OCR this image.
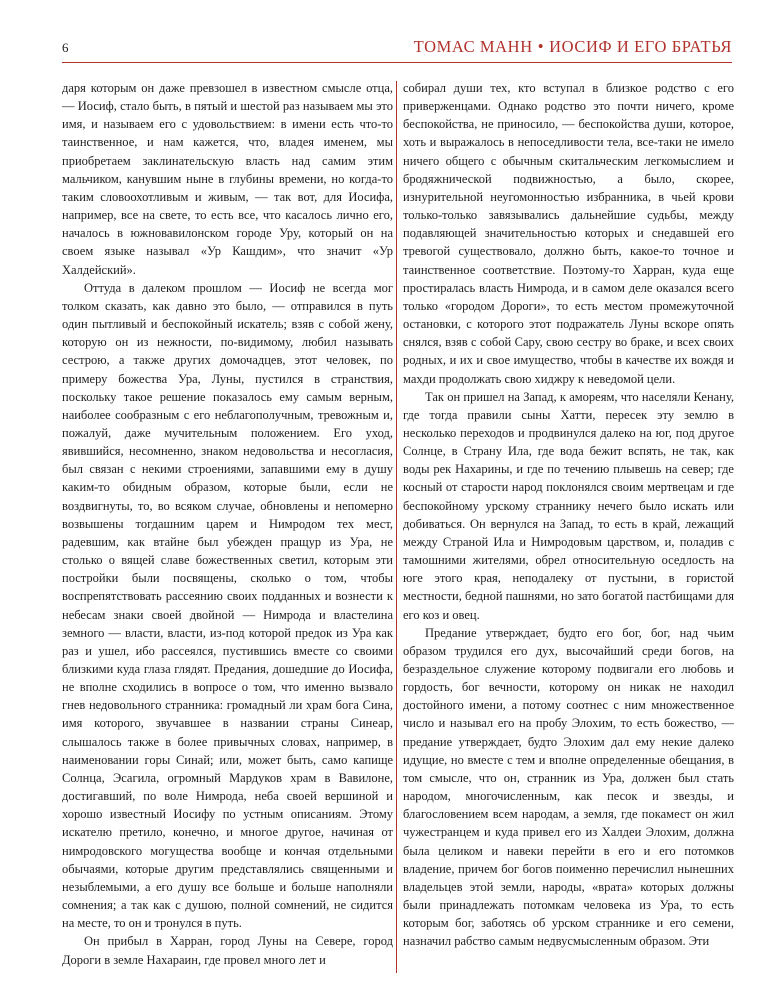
6	ТОМАС МАНН • ИОСИФ И ЕГО БРАТЬЯ

даря которым он даже превзошел в известном смысле отца, — Иосиф, стало быть, в пятый и шестой раз называем мы это имя, и называем его с удовольствием: в имени есть что-то таинственное, и нам кажется, что, владея именем, мы приобретаем заклинательскую власть над самим этим мальчиком, канувшим ныне в глубины времени, но когда-то таким словоохотливым и живым, — так вот, для Иосифа, например, все на свете, то есть все, что касалось лично его, началось в южновавилонском городе Уру, который он на своем языке называл «Ур Кашдим», что значит «Ур Халдейский».

Оттуда в далеком прошлом — Иосиф не всегда мог толком сказать, как давно это было, — отправился в путь один пытливый и беспокойный искатель; взяв с собой жену, которую он из нежности, по-видимому, любил называть сестрою, а также других домочадцев, этот человек, по примеру божества Ура, Луны, пустился в странствия, поскольку такое решение показалось ему самым верным, наиболее сообразным с его неблагополучным, тревожным и, пожалуй, даже мучительным положением. Его уход, явившийся, несомненно, знаком недовольства и несогласия, был связан с некими строениями, запавшими ему в душу каким-то обидным образом, которые были, если не воздвигнуты, то, во всяком случае, обновлены и непомерно возвышены тогдашним царем и Нимродом тех мест, радевшим, как втайне был убежден пращур из Ура, не столько о вящей славе божественных светил, которым эти постройки были посвящены, сколько о том, чтобы воспрепятствовать рассеянию своих подданных и вознести к небесам знаки своей двойной — Нимрода и властелина земного — власти, власти, из-под которой предок из Ура как раз и ушел, ибо рассеялся, пустившись вместе со своими близкими куда глаза глядят. Предания, дошедшие до Иосифа, не вполне сходились в вопросе о том, что именно вызвало гнев недовольного странника: громадный ли храм бога Сина, имя которого, звучавшее в названии страны Синеар, слышалось также в более привычных словах, например, в наименовании горы Синай; или, может быть, само капище Солнца, Эсагила, огромный Мардуков храм в Вавилоне, достигавший, по воле Нимрода, неба своей вершиной и хорошо известный Иосифу по устным описаниям. Этому искателю претило, конечно, и многое другое, начиная от нимродовского могущества вообще и кончая отдельными обычаями, которые другим представлялись священными и незыблемыми, а его душу все больше и больше наполняли сомнения; а так как с душою, полной сомнений, не сидится на месте, то он и тронулся в путь.

Он прибыл в Харран, город Луны на Севере, город Дороги в земле Нахараин, где провел много лет и

собирал души тех, кто вступал в близкое родство с его приверженцами. Однако родство это почти ничего, кроме беспокойства, не приносило, — беспокойства души, которое, хоть и выражалось в непоседливости тела, все-таки не имело ничего общего с обычным скитальческим легкомыслием и бродяжнической подвижностью, а было, скорее, изнурительной неугомонностью избранника, в чьей крови только-только завязывались дальнейшие судьбы, между подавляющей значительностью которых и снедавшей его тревогой существовало, должно быть, какое-то точное и таинственное соответствие. Поэтому-то Харран, куда еще простиралась власть Нимрода, и в самом деле оказался всего только «городом Дороги», то есть местом промежуточной остановки, с которого этот подражатель Луны вскоре опять снялся, взяв с собой Сару, свою сестру во браке, и всех своих родных, и их и свое имущество, чтобы в качестве их вождя и махди продолжать свою хиджру к неведомой цели.

Так он пришел на Запад, к амореям, что населяли Кенану, где тогда правили сыны Хатти, пересек эту землю в несколько переходов и продвинулся далеко на юг, под другое Солнце, в Страну Ила, где вода бежит вспять, не так, как воды рек Нахарины, и где по течению плывешь на север; где косный от старости народ поклонялся своим мертвецам и где беспокойному урскому страннику нечего было искать или добиваться. Он вернулся на Запад, то есть в край, лежащий между Страной Ила и Нимродовым царством, и, поладив с тамошними жителями, обрел относительную оседлость на юге этого края, неподалеку от пустыни, в гористой местности, бедной пашнями, но зато богатой пастбищами для его коз и овец.

Предание утверждает, будто его бог, бог, над чьим образом трудился его дух, высочайший среди богов, на безраздельное служение которому подвигали его любовь и гордость, бог вечности, которому он никак не находил достойного имени, а потому соотнес с ним множественное число и называл его на пробу Элохим, то есть божество, — предание утверждает, будто Элохим дал ему некие далеко идущие, но вместе с тем и вполне определенные обещания, в том смысле, что он, странник из Ура, должен был стать народом, многочисленным, как песок и звезды, и благословением всем народам, а земля, где покамест он жил чужестранцем и куда привел его из Халдеи Элохим, должна была целиком и навеки перейти в его и его потомков владение, причем бог богов поименно перечислил нынешних владельцев этой земли, народы, «врата» которых должны были принадлежать потомкам человека из Ура, то есть которым бог, заботясь об урском страннике и его семени, назначил рабство самым недвусмысленным образом. Эти
